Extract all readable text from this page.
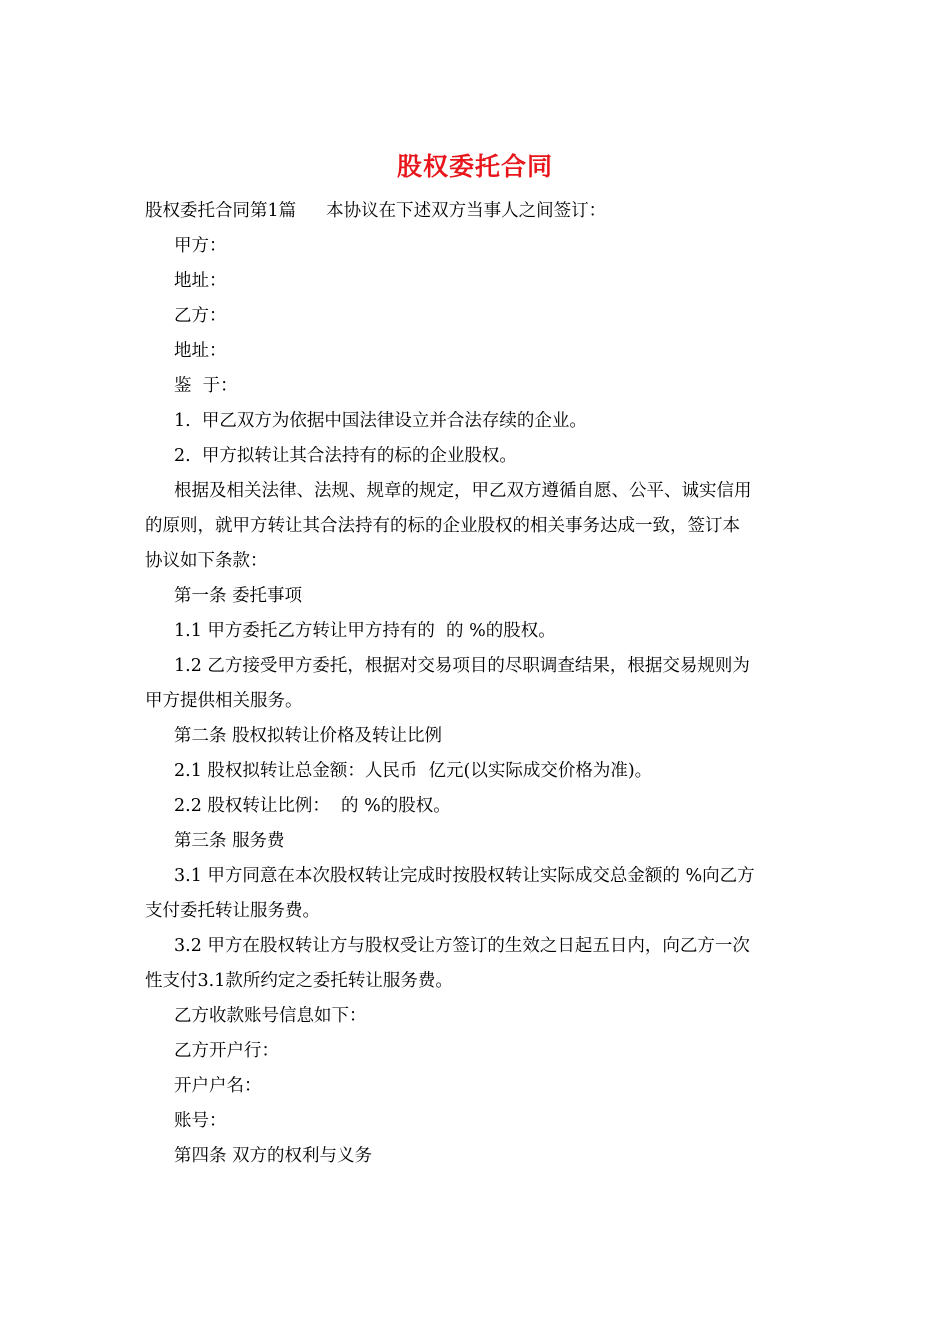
股权委托合同
股权委托合同第1篇 本协议在下述双方当事人之间签订：
甲方：
地址：
乙方：
地址：
鉴  于：
1.  甲乙双方为依据中国法律设立并合法存续的企业。
2.  甲方拟转让其合法持有的标的企业股权。
根据及相关法律、法规、规章的规定，甲乙双方遵循自愿、公平、诚实信用
的原则，就甲方转让其合法持有的标的企业股权的相关事务达成一致，签订本
协议如下条款：
第一条 委托事项
1.1 甲方委托乙方转让甲方持有的  的 %的股权。
1.2 乙方接受甲方委托，根据对交易项目的尽职调查结果，根据交易规则为
甲方提供相关服务。
第二条 股权拟转让价格及转让比例
2.1 股权拟转让总金额：人民币  亿元(以实际成交价格为准)。
2.2 股权转让比例：  的 %的股权。
第三条 服务费
3.1 甲方同意在本次股权转让完成时按股权转让实际成交总金额的 %向乙方
支付委托转让服务费。
3.2 甲方在股权转让方与股权受让方签订的生效之日起五日内，向乙方一次
性支付3.1款所约定之委托转让服务费。
乙方收款账号信息如下：
乙方开户行：
开户户名：
账号：
第四条 双方的权利与义务
